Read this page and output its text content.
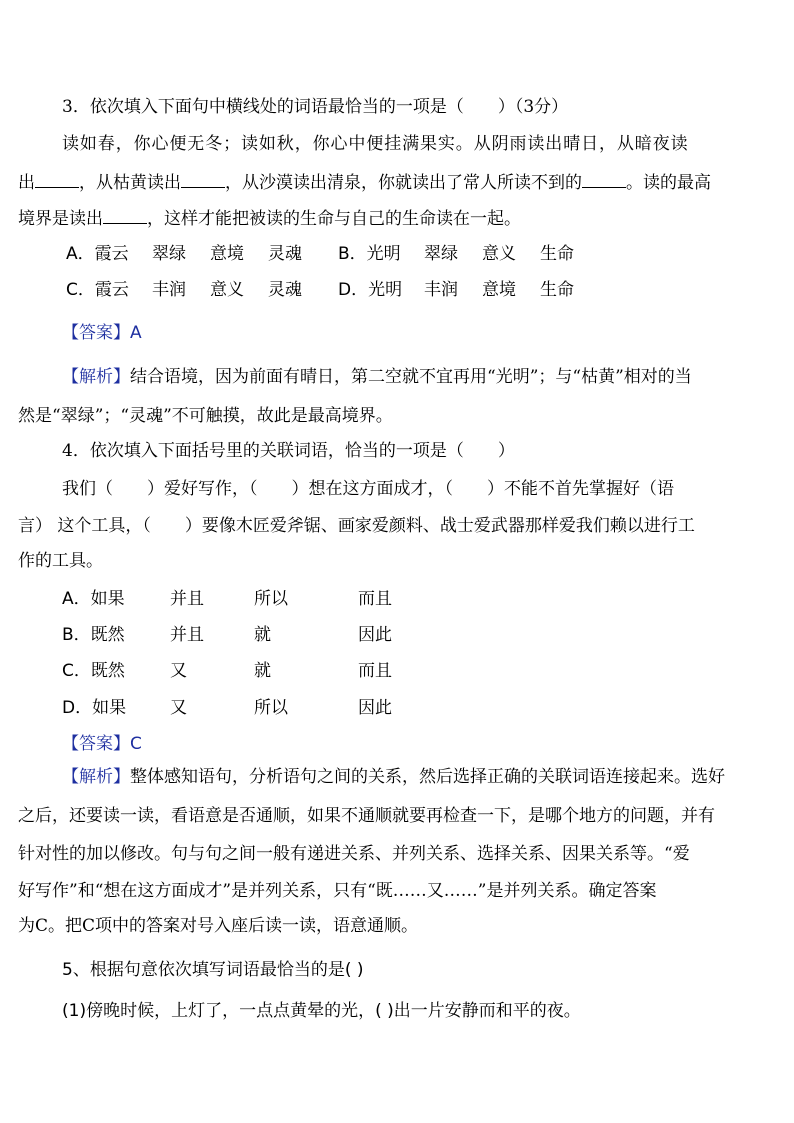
3．依次填入下面句中横线处的词语最恰当的一项是（　　）（3分）
读如春，你心便无冬；读如秋，你心中便挂满果实。从阴雨读出晴日，从暗夜读
出	，从枯黄读出	，从沙漠读出清泉，你就读出了常人所读不到的	。读的最高
境界是读出	，这样才能把被读的生命与自己的生命读在一起。
A．霞云 翠绿 意境 灵魂 B．光明 翠绿 意义 生命
C．霞云 丰润 意义 灵魂 D．光明 丰润 意境 生命
【答案】A
【解析】结合语境，因为前面有晴日，第二空就不宜再用“光明”；与“枯黄”相对的当
然是“翠绿”；“灵魂”不可触摸，故此是最高境界。
4．依次填入下面括号里的关联词语，恰当的一项是（　　）
我们（　　）爱好写作，（　　）想在这方面成才，（　　）不能不首先掌握好（语
言） 这个工具，（　　）要像木匠爱斧锯、画家爱颜料、战士爱武器那样爱我们赖以进行工
作的工具。
A．如果	并且	所以	而且
B．既然	并且	就	因此
C．既然	又	就	而且
D．如果	又	所以	因此
【答案】C
【解析】整体感知语句，分析语句之间的关系，然后选择正确的关联词语连接起来。选好
之后，还要读一读，看语意是否通顺，如果不通顺就要再检查一下，是哪个地方的问题，并有
针对性的加以修改。句与句之间一般有递进关系、并列关系、选择关系、因果关系等。“爱
好写作”和“想在这方面成才”是并列关系，只有“既……又……”是并列关系。确定答案
为C。把C项中的答案对号入座后读一读，语意通顺。
5、根据句意依次填写词语最恰当的是( )
(1)傍晚时候，上灯了，一点点黄晕的光，( )出一片安静而和平的夜。
